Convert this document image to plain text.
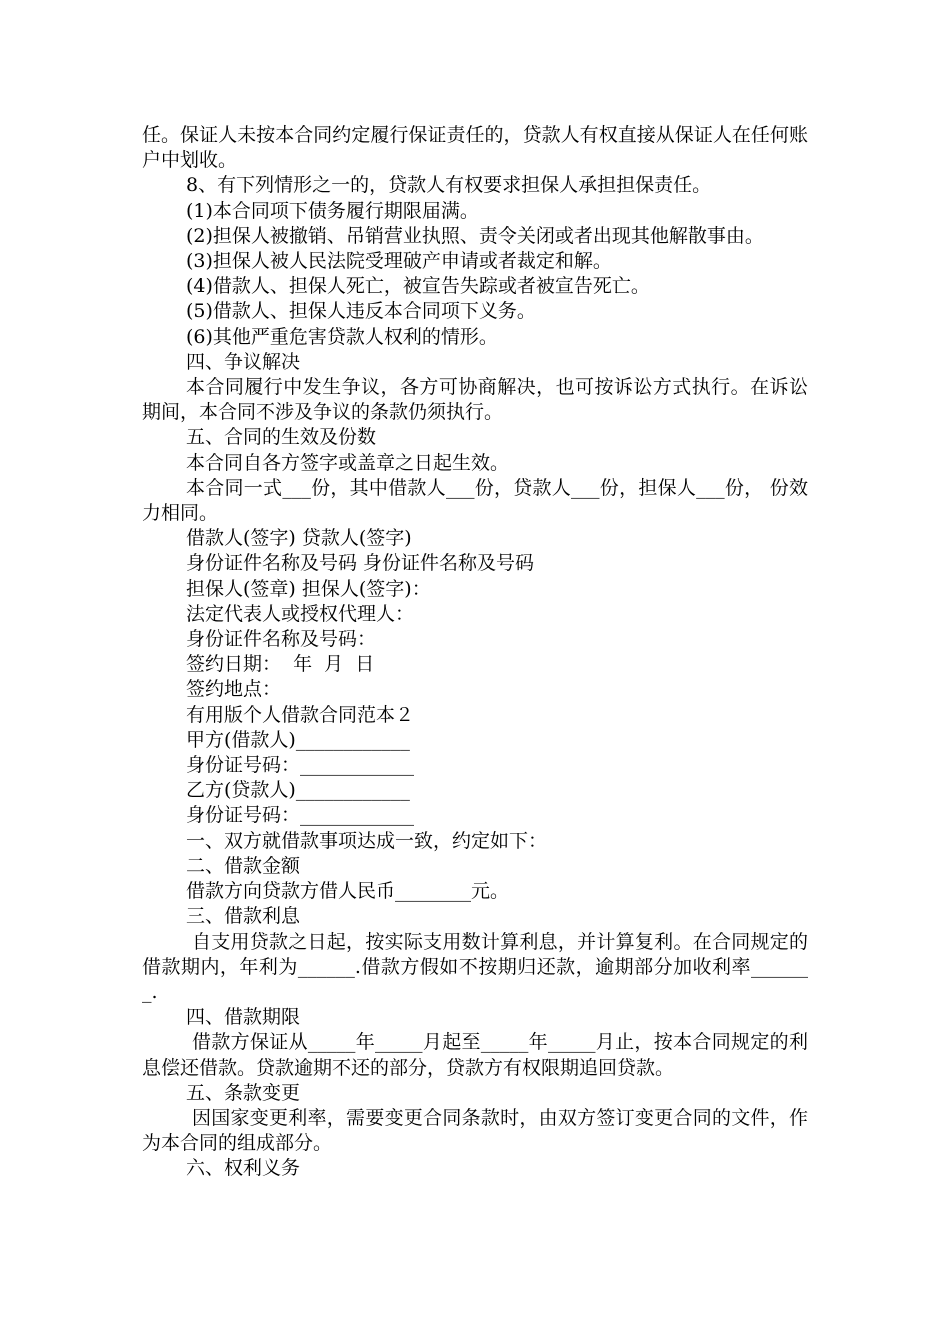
任。保证人未按本合同约定履行保证责任的，贷款人有权直接从保证人在任何账户中划收。

8、有下列情形之一的，贷款人有权要求担保人承担担保责任。

(1)本合同项下债务履行期限届满。

(2)担保人被撤销、吊销营业执照、责令关闭或者出现其他解散事由。

(3)担保人被人民法院受理破产申请或者裁定和解。

(4)借款人、担保人死亡，被宣告失踪或者被宣告死亡。

(5)借款人、担保人违反本合同项下义务。

(6)其他严重危害贷款人权利的情形。

四、争议解决

本合同履行中发生争议，各方可协商解决，也可按诉讼方式执行。在诉讼期间，本合同不涉及争议的条款仍须执行。

五、合同的生效及份数

本合同自各方签字或盖章之日起生效。

本合同一式___份，其中借款人___份，贷款人___份，担保人___份， 份效力相同。

借款人(签字) 贷款人(签字)

身份证件名称及号码 身份证件名称及号码

担保人(签章) 担保人(签字)：

法定代表人或授权代理人：

身份证件名称及号码：

签约日期：  年  月  日

签约地点：

有用版个人借款合同范本２

甲方(借款人)____________

身份证号码：____________

乙方(贷款人)____________

身份证号码：____________

一、双方就借款事项达成一致，约定如下：

二、借款金额

借款方向贷款方借人民币________元。

三、借款利息

自支用贷款之日起，按实际支用数计算利息，并计算复利。在合同规定的借款期内，年利为______.借款方假如不按期归还款，逾期部分加收利率_______.

四、借款期限

借款方保证从_____年_____月起至_____年_____月止，按本合同规定的利息偿还借款。贷款逾期不还的部分，贷款方有权限期追回贷款。

五、条款变更

因国家变更利率，需要变更合同条款时，由双方签订变更合同的文件，作为本合同的组成部分。

六、权利义务
